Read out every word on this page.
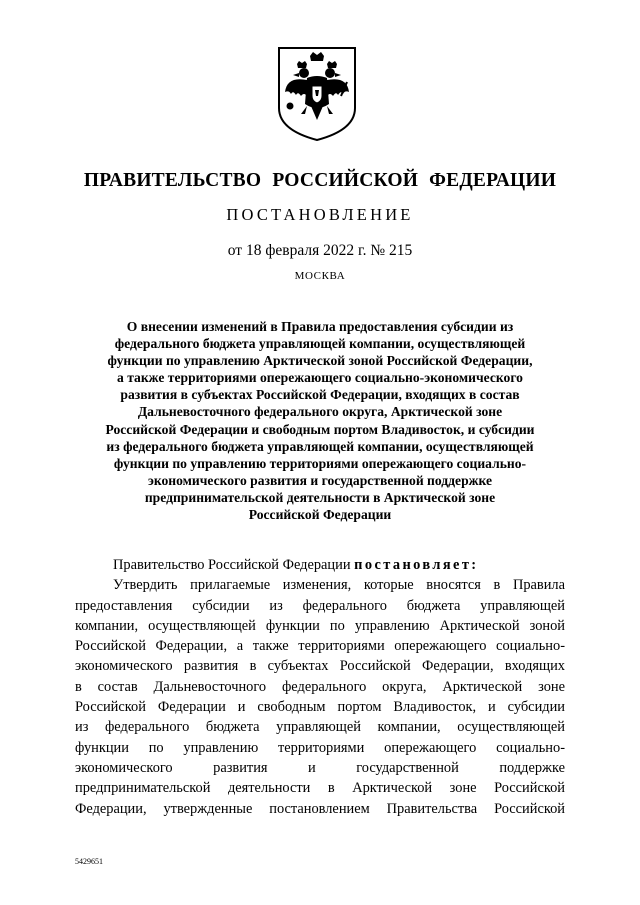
ПРАВИТЕЛЬСТВО РОССИЙСКОЙ ФЕДЕРАЦИИ
ПОСТАНОВЛЕНИЕ
от 18 февраля 2022 г. № 215
МОСКВА
О внесении изменений в Правила предоставления субсидии из
федерального бюджета управляющей компании, осуществляющей
функции по управлению Арктической зоной Российской Федерации,
а также территориями опережающего социально-экономического
развития в субъектах Российской Федерации, входящих в состав
Дальневосточного федерального округа, Арктической зоне
Российской Федерации и свободным портом Владивосток, и субсидии
из федерального бюджета управляющей компании, осуществляющей
функции по управлению территориями опережающего социально-
экономического развития и государственной поддержке
предпринимательской деятельности в Арктической зоне
Российской Федерации
Правительство Российской Федерации постановляет:
Утвердить прилагаемые изменения, которые вносятся в Правила
предоставления субсидии из федерального бюджета управляющей
компании, осуществляющей функции по управлению Арктической зоной
Российской Федерации, а также территориями опережающего социально-
экономического развития в субъектах Российской Федерации, входящих
в состав Дальневосточного федерального округа, Арктической зоне
Российской Федерации и свободным портом Владивосток, и субсидии
из федерального бюджета управляющей компании, осуществляющей
функции по управлению территориями опережающего социально-
экономического развития и государственной поддержке
предпринимательской деятельности в Арктической зоне Российской
Федерации, утвержденные постановлением Правительства Российской
5429651
